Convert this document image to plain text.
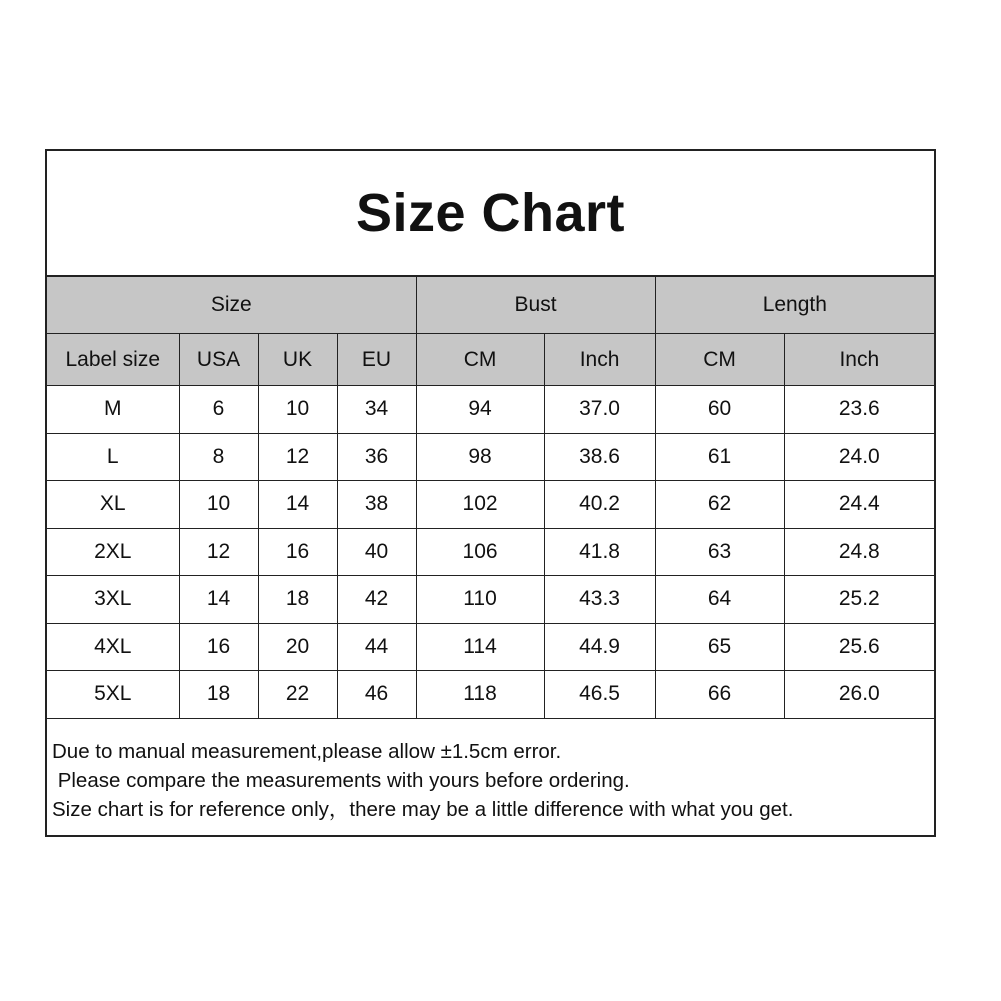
Size Chart
Size				Bust		Length	
Label size	USA	UK	EU	CM	Inch	CM	Inch
M	6	10	34	94	37.0	60	23.6
L	8	12	36	98	38.6	61	24.0
XL	10	14	38	102	40.2	62	24.4
2XL	12	16	40	106	41.8	63	24.8
3XL	14	18	42	110	43.3	64	25.2
4XL	16	20	44	114	44.9	65	25.6
5XL	18	22	46	118	46.5	66	26.0
Due to manual measurement,please allow ±1.5cm error.
Please compare the measurements with yours before ordering.
Size chart is for reference only，there may be a little difference with what you get.
